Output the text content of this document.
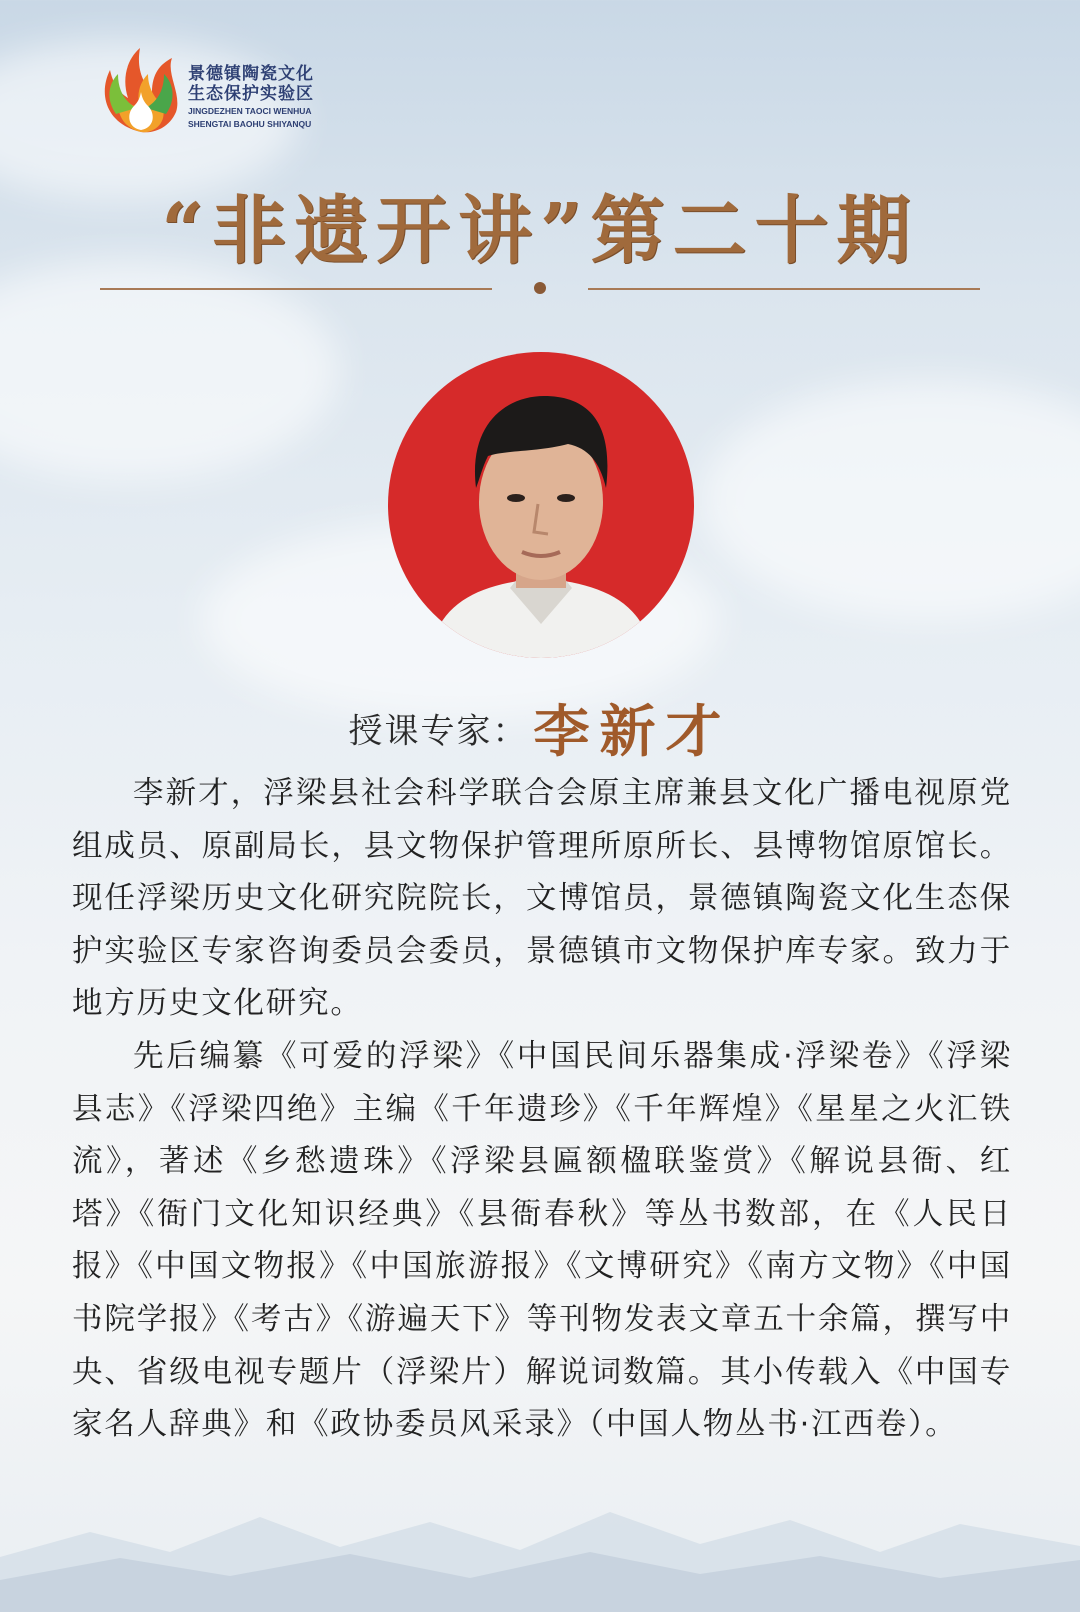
景德镇陶瓷文化
生态保护实验区
JINGDEZHEN TAOCI WENHUA
SHENGTAI BAOHU SHIYANQU
“非遗开讲”第二十期
授课专家： 李新才

李新才，浮梁县社会科学联合会原主席兼县文化广播电视原党组成员、原副局长，县文物保护管理所原所长、县博物馆原馆长。现任浮梁历史文化研究院院长，文博馆员，景德镇陶瓷文化生态保护实验区专家咨询委员会委员，景德镇市文物保护库专家。致力于地方历史文化研究。

先后编纂《可爱的浮梁》《中国民间乐器集成·浮梁卷》《浮梁县志》《浮梁四绝》主编《千年遗珍》《千年辉煌》《星星之火汇铁流》，著述《乡愁遗珠》《浮梁县匾额楹联鉴赏》《解说县衙、红塔》《衙门文化知识经典》《县衙春秋》等丛书数部，在《人民日报》《中国文物报》《中国旅游报》《文博研究》《南方文物》《中国书院学报》《考古》《游遍天下》等刊物发表文章五十余篇，撰写中央、省级电视专题片（浮梁片）解说词数篇。其小传载入《中国专家名人辞典》和《政协委员风采录》（中国人物丛书·江西卷）。
